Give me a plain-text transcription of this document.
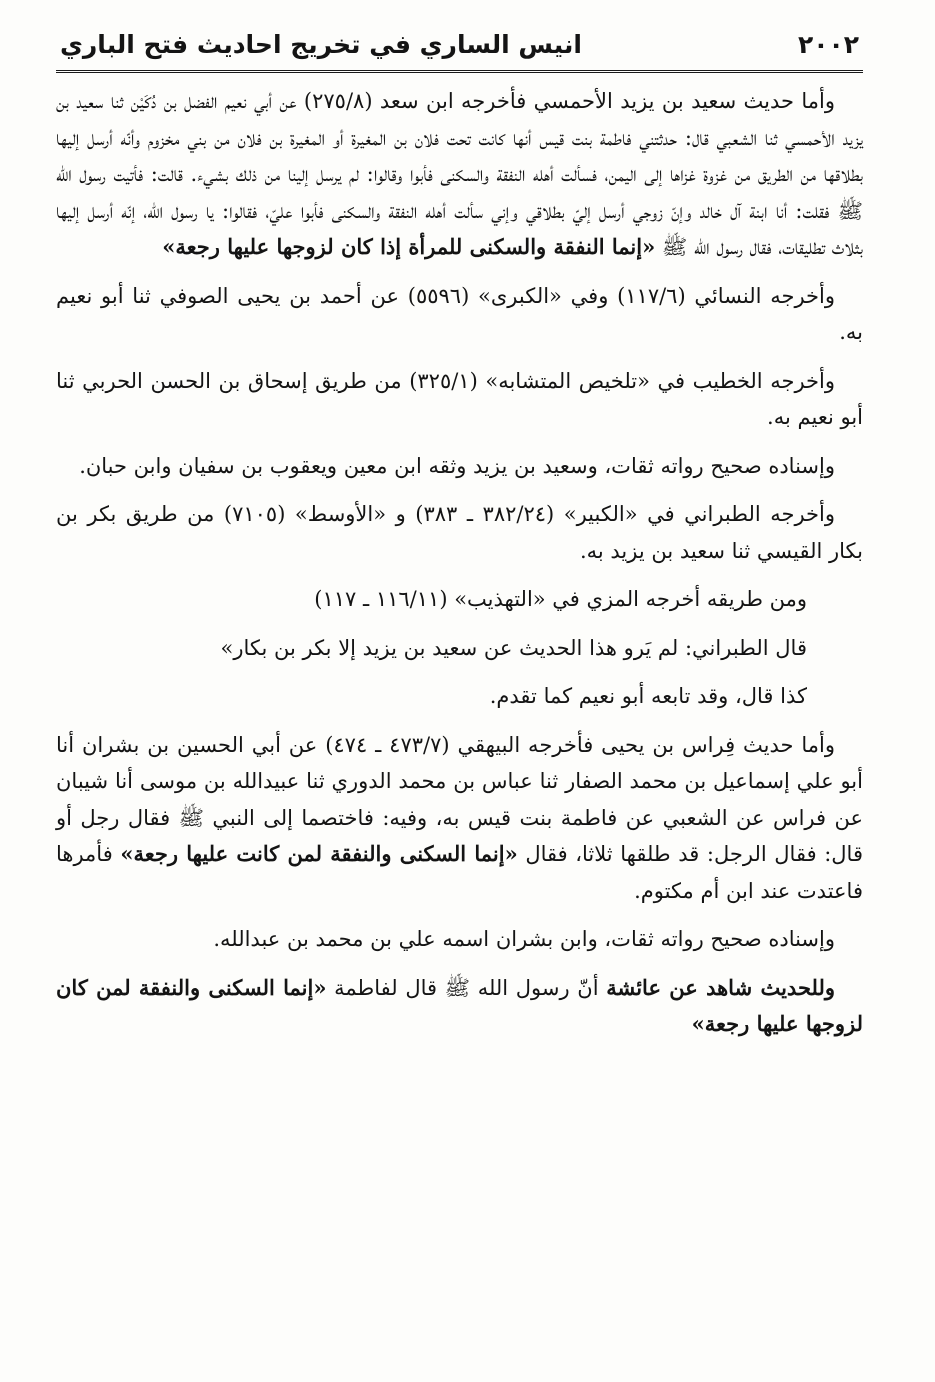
٢٠٠٢
انيس الساري في تخريج احاديث فتح الباري

وأما حديث سعيد بن يزيد الأحمسي فأخرجه ابن سعد (٢٧٥/٨) عن أبي نعيم الفضل بن دُكَيْن ثنا سعيد بن يزيد الأحمسي ثنا الشعبي قال: حدثتني فاطمة بنت قيس أنها كانت تحت فلان بن المغيرة أو المغيرة بن فلان من بني مخزوم وأنّه أرسل إليها بطلاقها من الطريق من غزوة غزاها إلى اليمن، فسألت أهله النفقة والسكنى فأبوا وقالوا: لم يرسل إلينا من ذلك بشيء. قالت: فأتيت رسول الله ﷺ فقلت: أنا ابنة آل خالد وإنّ زوجي أرسل إليّ بطلاقي وإني سألت أهله النفقة والسكنى فأبوا عليّ، فقالوا: يا رسول الله، إنّه أرسل إليها بثلاث تطليقات، فقال رسول الله ﷺ «إنما النفقة والسكنى للمرأة إذا كان لزوجها عليها رجعة»

وأخرجه النسائي (١١٧/٦) وفي «الكبرى» (٥٥٩٦) عن أحمد بن يحيى الصوفي ثنا أبو نعيم به.

وأخرجه الخطيب في «تلخيص المتشابه» (٣٢٥/١) من طريق إسحاق بن الحسن الحربي ثنا أبو نعيم به.

وإسناده صحيح رواته ثقات، وسعيد بن يزيد وثقه ابن معين ويعقوب بن سفيان وابن حبان.

وأخرجه الطبراني في «الكبير» (٣٨٢/٢٤ ـ ٣٨٣) و «الأوسط» (٧١٠٥) من طريق بكر بن بكار القيسي ثنا سعيد بن يزيد به.

ومن طريقه أخرجه المزي في «التهذيب» (١١٦/١١ ـ ١١٧)

قال الطبراني: لم يَرو هذا الحديث عن سعيد بن يزيد إلا بكر بن بكار»

كذا قال، وقد تابعه أبو نعيم كما تقدم.

وأما حديث فِراس بن يحيى فأخرجه البيهقي (٤٧٣/٧ ـ ٤٧٤) عن أبي الحسين بن بشران أنا أبو علي إسماعيل بن محمد الصفار ثنا عباس بن محمد الدوري ثنا عبيدالله بن موسى أنا شيبان عن فراس عن الشعبي عن فاطمة بنت قيس به، وفيه: فاختصما إلى النبي ﷺ فقال رجل أو قال: فقال الرجل: قد طلقها ثلاثا، فقال «إنما السكنى والنفقة لمن كانت عليها رجعة» فأمرها فاعتدت عند ابن أم مكتوم.

وإسناده صحيح رواته ثقات، وابن بشران اسمه علي بن محمد بن عبدالله.

وللحديث شاهد عن عائشة أنّ رسول الله ﷺ قال لفاطمة «إنما السكنى والنفقة لمن كان لزوجها عليها رجعة»
